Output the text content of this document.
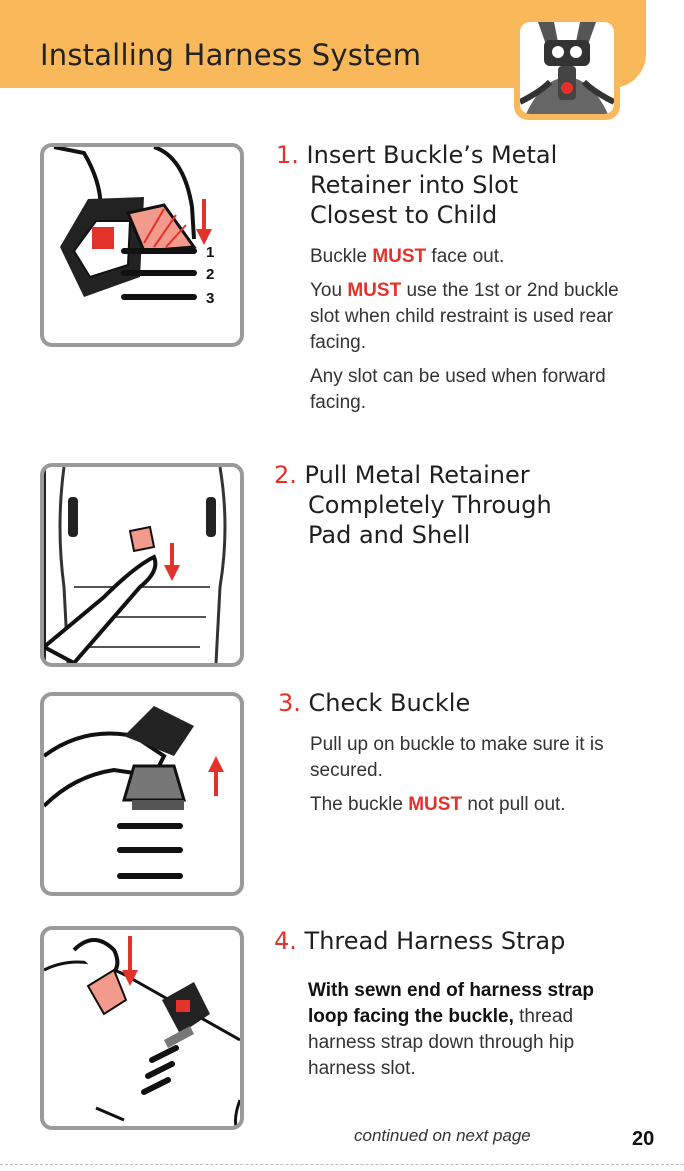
Installing Harness System
1
2
3
1. Insert Buckle’s Metal
Retainer into Slot
Closest to Child

Buckle MUST face out.

You MUST use the 1st or 2nd buckle slot when child restraint is used rear facing.

Any slot can be used when forward facing.

2. Pull Metal Retainer
Completely Through
Pad and Shell
3. Check Buckle

Pull up on buckle to make sure it is secured.

The buckle MUST not pull out.

4. Thread Harness Strap

With sewn end of harness strap loop facing the buckle, thread harness strap down through hip harness slot.

continued on next page	20
